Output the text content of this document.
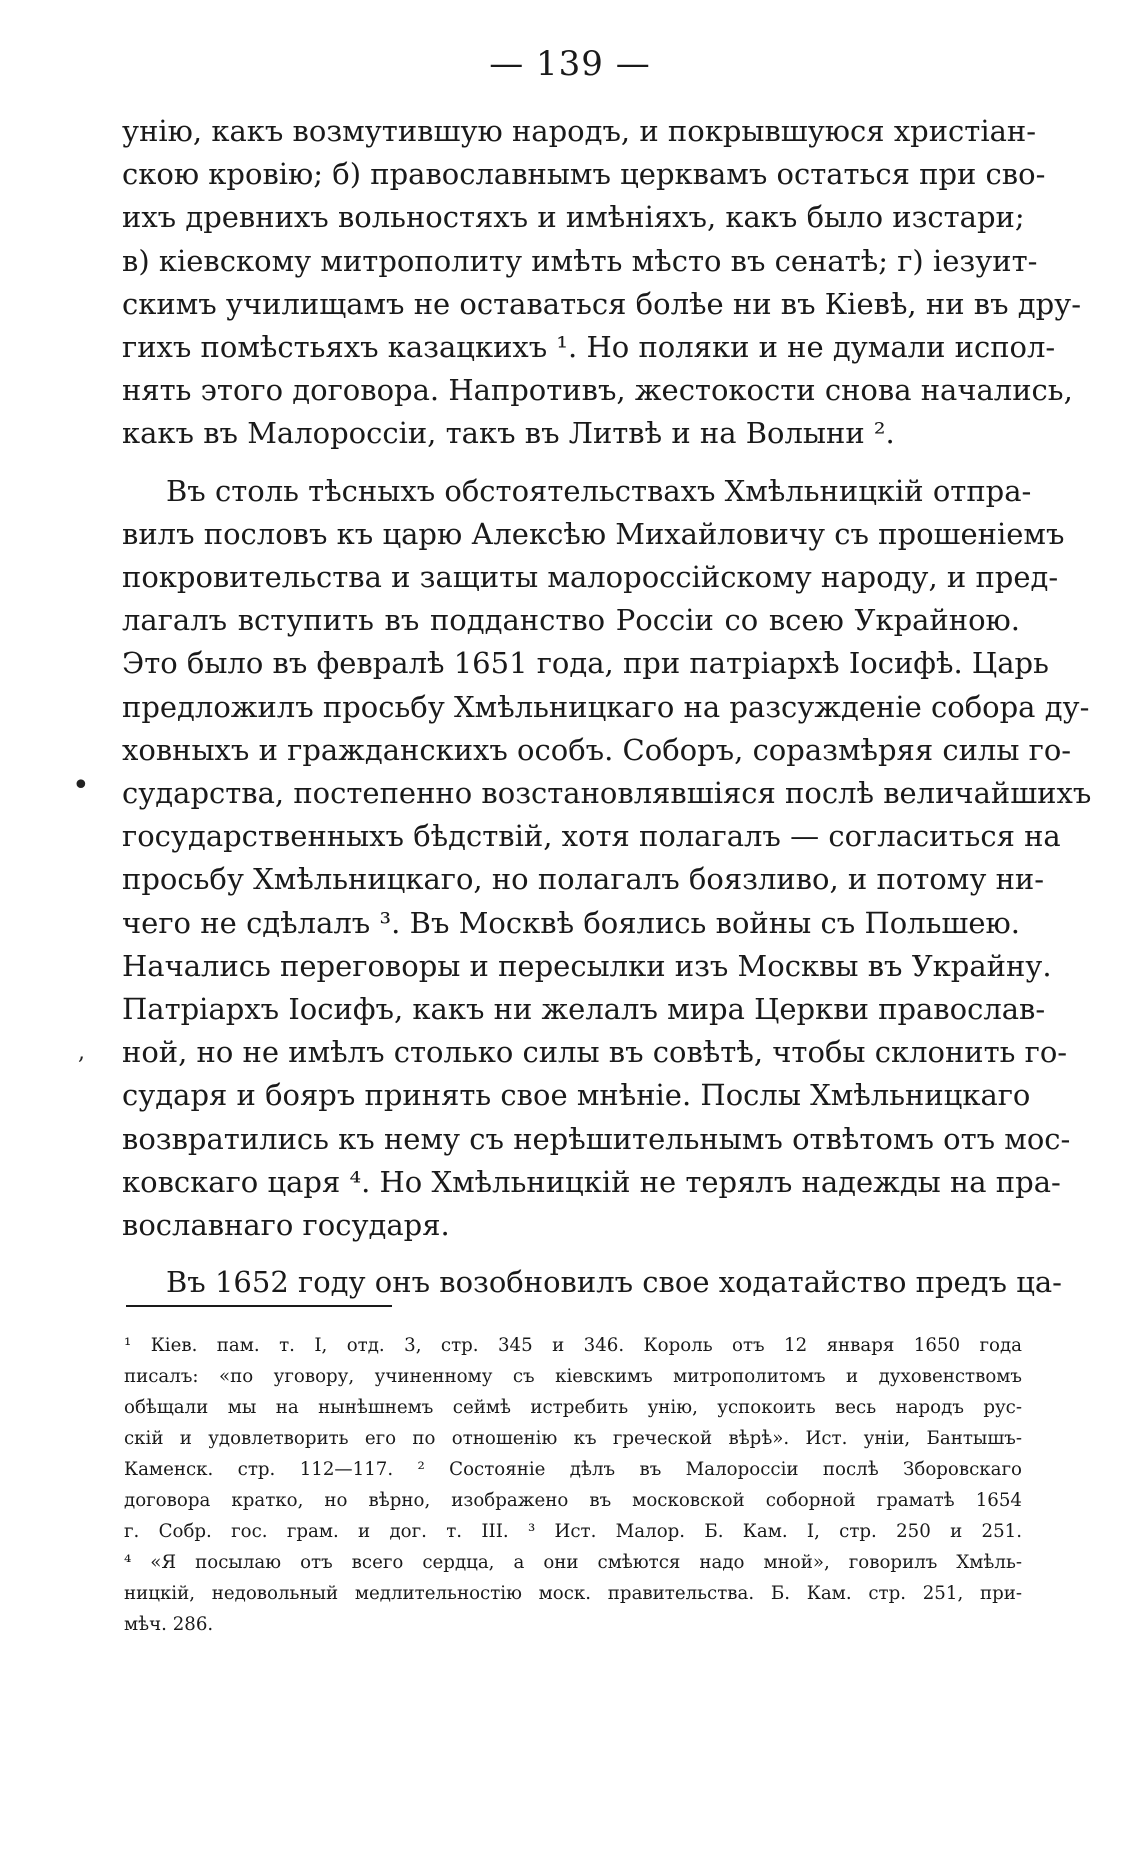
— 139 —
унію, какъ возмутившую народъ, и покрывшуюся христіан-
скою кровію; б) православнымъ церквамъ остаться при сво-
ихъ древнихъ вольностяхъ и имѣніяхъ, какъ было изстари;
в) кіевскому митрополиту имѣть мѣсто въ сенатѣ; г) іезуит-
скимъ училищамъ не оставаться болѣе ни въ Кіевѣ, ни въ дру-
гихъ помѣстьяхъ казацкихъ ¹. Но поляки и не думали испол-
нять этого договора. Напротивъ, жестокости снова начались,
какъ въ Малороссіи, такъ въ Литвѣ и на Волыни ².
Въ столь тѣсныхъ обстоятельствахъ Хмѣльницкій отпра-
вилъ пословъ къ царю Алексѣю Михайловичу съ прошеніемъ
покровительства и защиты малороссійскому народу, и пред-
лагалъ вступить въ подданство Россіи со всею Украйною.
Это было въ февралѣ 1651 года, при патріархѣ Іосифѣ. Царь
предложилъ просьбу Хмѣльницкаго на разсужденіе собора ду-
ховныхъ и гражданскихъ особъ. Соборъ, соразмѣряя силы го-
сударства, постепенно возстановлявшіяся послѣ величайшихъ
государственныхъ бѣдствій, хотя полагалъ — согласиться на
просьбу Хмѣльницкаго, но полагалъ боязливо, и потому ни-
чего не сдѣлалъ ³. Въ Москвѣ боялись войны съ Польшею.
Начались переговоры и пересылки изъ Москвы въ Украйну.
Патріархъ Іосифъ, какъ ни желалъ мира Церкви православ-
ной, но не имѣлъ столько силы въ совѣтѣ, чтобы склонить го-
сударя и бояръ принять свое мнѣніе. Послы Хмѣльницкаго
возвратились къ нему съ нерѣшительнымъ отвѣтомъ отъ мос-
ковскаго царя ⁴. Но Хмѣльницкій не терялъ надежды на пра-
вославнаго государя.
Въ 1652 году онъ возобновилъ свое ходатайство предъ ца-
¹ Кіев. пам. т. I, отд. 3, стр. 345 и 346. Король отъ 12 января 1650 года
писалъ: «по уговору, учиненному съ кіевскимъ митрополитомъ и духовенствомъ
обѣщали мы на нынѣшнемъ сеймѣ истребить унію, успокоить весь народъ рус-
скій и удовлетворить его по отношенію къ греческой вѣрѣ». Ист. уніи, Бантышъ-
Каменск. стр. 112—117. ² Состояніе дѣлъ въ Малороссіи послѣ Зборовскаго
договора кратко, но вѣрно, изображено въ московской соборной граматѣ 1654
г. Собр. гос. грам. и дог. т. III. ³ Ист. Малор. Б. Кам. I, стр. 250 и 251.
⁴ «Я посылаю отъ всего сердца, а они смѣются надо мной», говорилъ Хмѣль-
ницкій, недовольный медлительностію моск. правительства. Б. Кам. стр. 251, при-
мѣч. 286.
•
,
